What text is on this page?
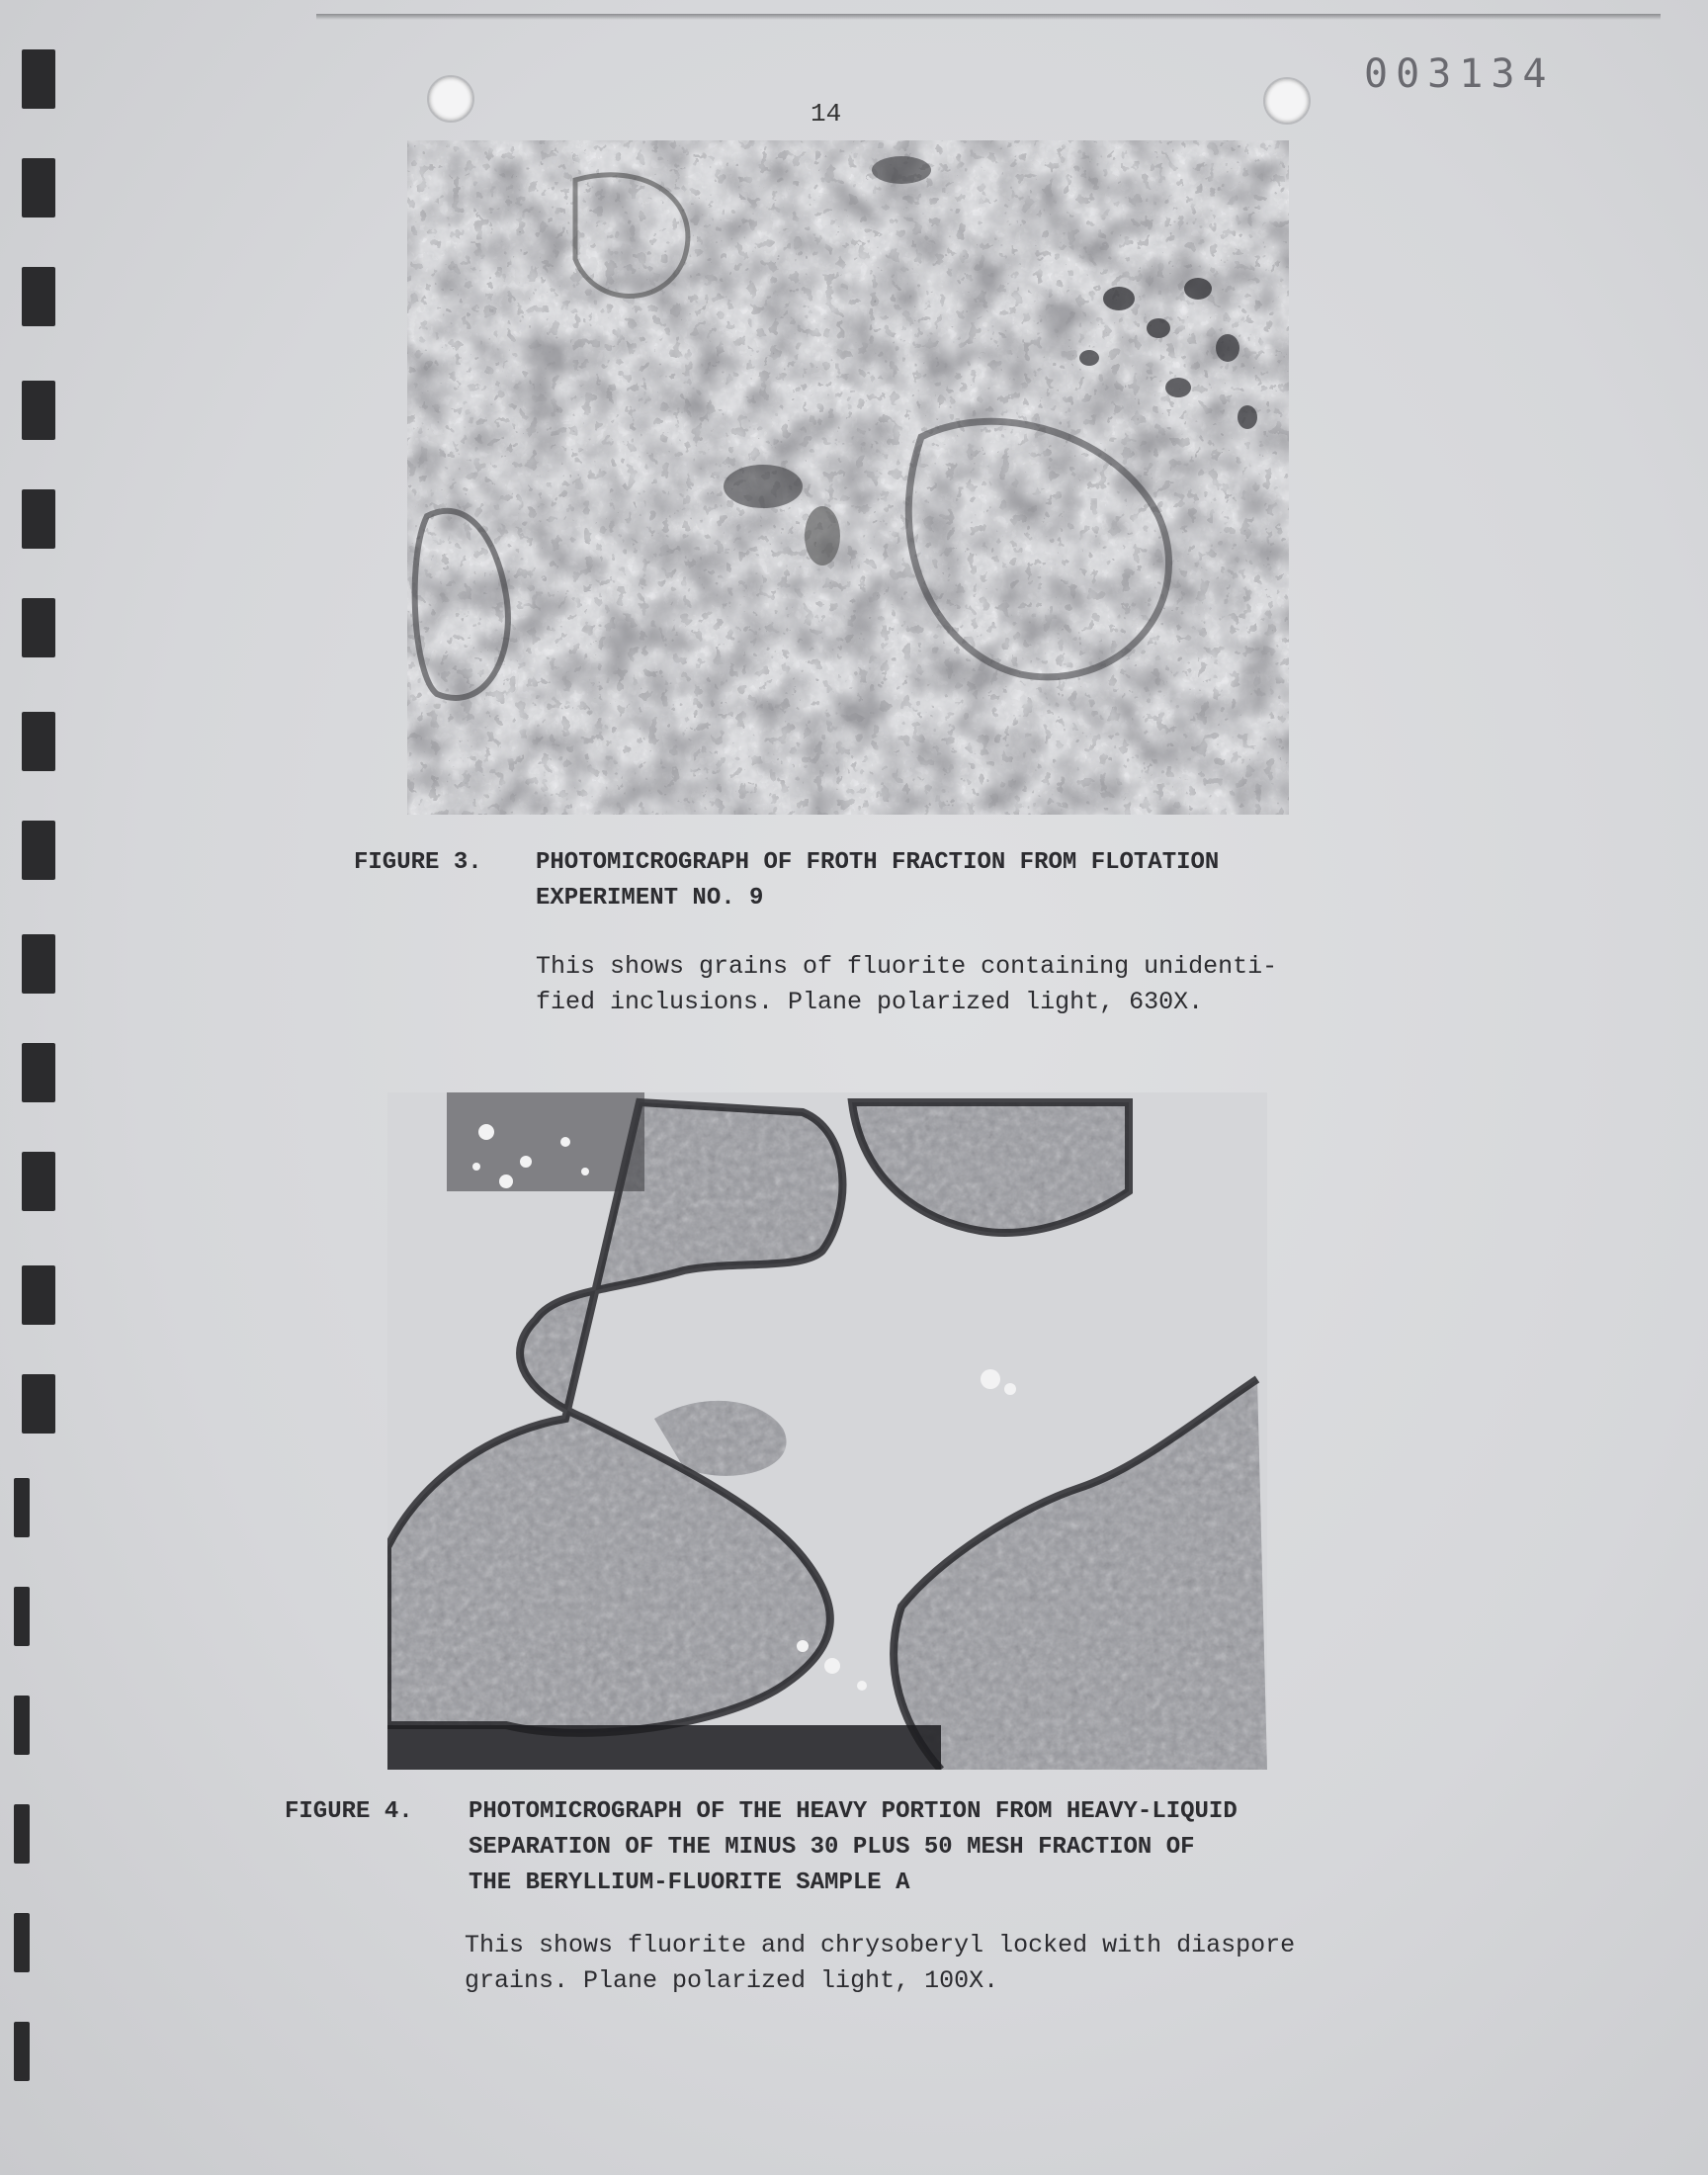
003134
14
FIGURE 3. PHOTOMICROGRAPH OF FROTH FRACTION FROM FLOTATION
EXPERIMENT NO. 9
This shows grains of fluorite containing unidenti-
fied inclusions. Plane polarized light, 630X.
FIGURE 4. PHOTOMICROGRAPH OF THE HEAVY PORTION FROM HEAVY-LIQUID
SEPARATION OF THE MINUS 30 PLUS 50 MESH FRACTION OF
THE BERYLLIUM-FLUORITE SAMPLE A
This shows fluorite and chrysoberyl locked with diaspore
grains. Plane polarized light, 100X.
